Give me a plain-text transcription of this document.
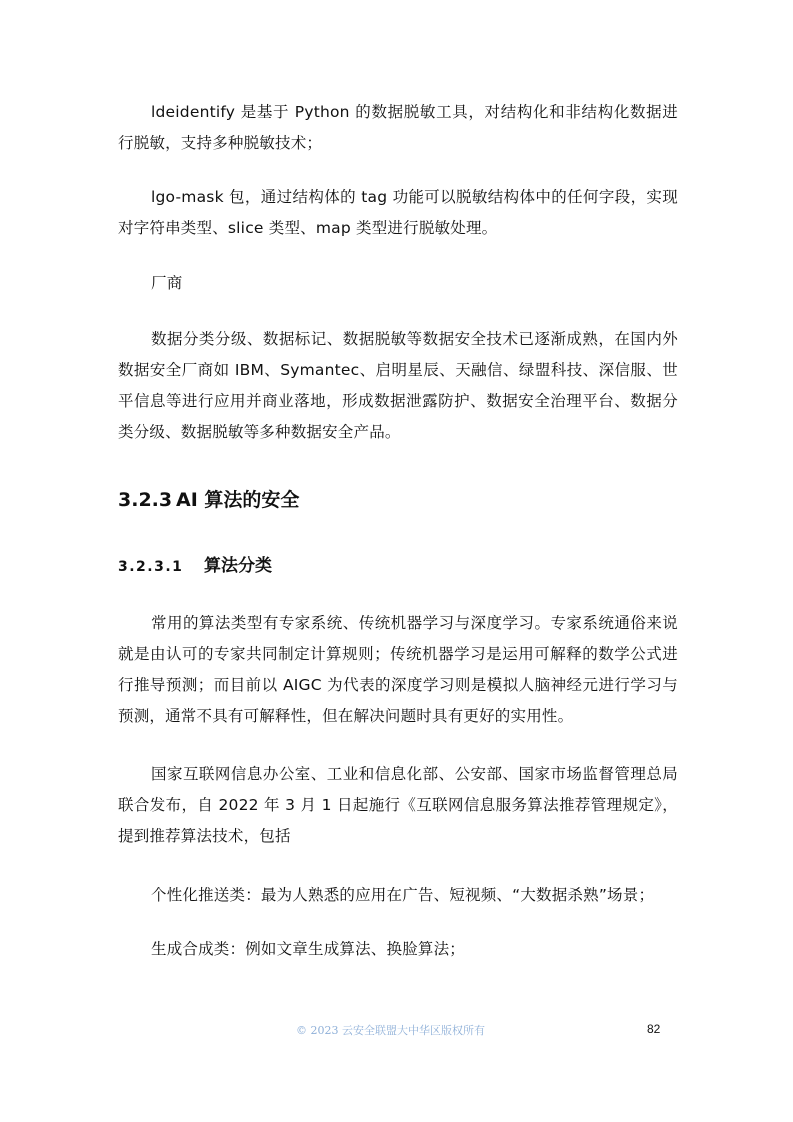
ldeidentify 是基于 Python 的数据脱敏工具，对结构化和非结构化数据进行脱敏，支持多种脱敏技术；

lgo-mask 包，通过结构体的 tag 功能可以脱敏结构体中的任何字段，实现对字符串类型、slice 类型、map 类型进行脱敏处理。

厂商

数据分类分级、数据标记、数据脱敏等数据安全技术已逐渐成熟，在国内外数据安全厂商如 IBM、Symantec、启明星辰、天融信、绿盟科技、深信服、世平信息等进行应用并商业落地，形成数据泄露防护、数据安全治理平台、数据分类分级、数据脱敏等多种数据安全产品。

3.2.3 AI 算法的安全
3.2.3.1 算法分类

常用的算法类型有专家系统、传统机器学习与深度学习。专家系统通俗来说就是由认可的专家共同制定计算规则；传统机器学习是运用可解释的数学公式进行推导预测；而目前以 AIGC 为代表的深度学习则是模拟人脑神经元进行学习与预测，通常不具有可解释性，但在解决问题时具有更好的实用性。

国家互联网信息办公室、工业和信息化部、公安部、国家市场监督管理总局联合发布，自 2022 年 3 月 1 日起施行《互联网信息服务算法推荐管理规定》，提到推荐算法技术，包括

个性化推送类：最为人熟悉的应用在广告、短视频、“大数据杀熟”场景；

生成合成类：例如文章生成算法、换脸算法；

© 2023 云安全联盟大中华区版权所有	82
